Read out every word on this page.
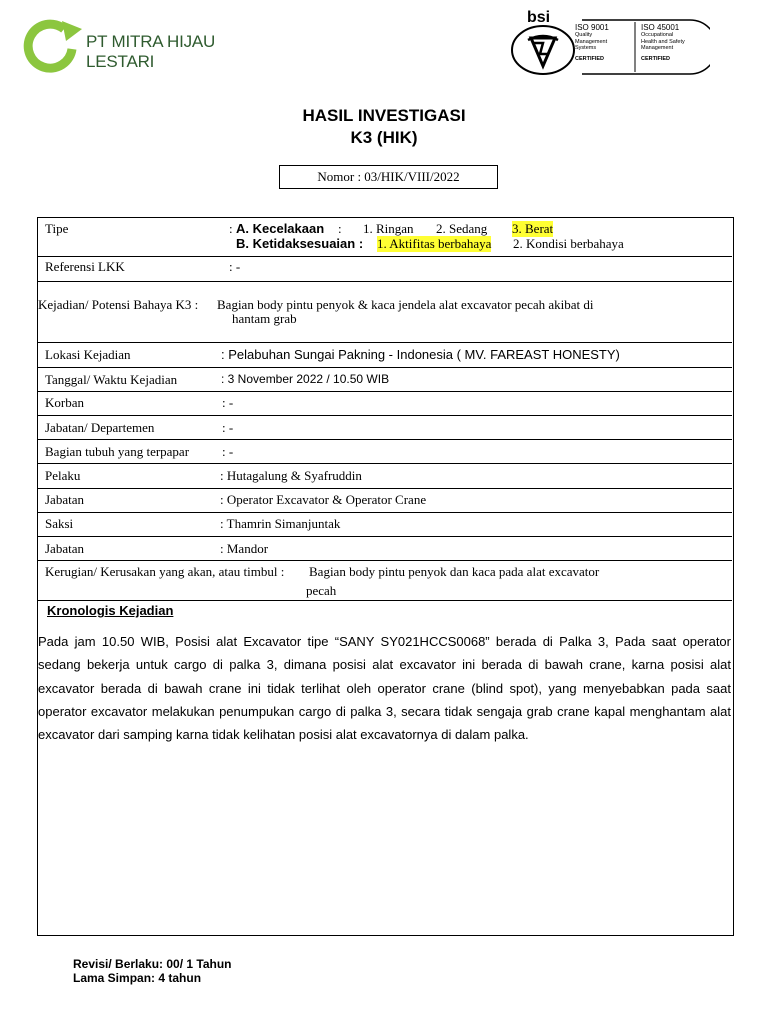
PT MITRA HIJAU LESTARI
bsi
ISO 9001
Quality
Management
Systems
CERTIFIED
ISO 45001
Occupational
Health and Safety
Management
CERTIFIED
HASIL INVESTIGASI
K3 (HIK)
Nomor : 03/HIK/VIII/2022
Tipe	: A. Kecelakaan : 1. Ringan 2. Sedang 3. Berat
B. Ketidaksesuaian : 1. Aktifitas berbahaya 2. Kondisi berbahaya
Referensi LKK	: -
Kejadian/ Potensi Bahaya K3 : Bagian body pintu penyok & kaca jendela alat excavator pecah akibat di
hantam grab
Lokasi Kejadian	: Pelabuhan Sungai Pakning - Indonesia ( MV. FAREAST HONESTY)
Tanggal/ Waktu Kejadian	: 3 November 2022 / 10.50 WIB
Korban	: -
Jabatan/ Departemen	: -
Bagian tubuh yang terpapar	: -
Pelaku	: Hutagalung & Syafruddin
Jabatan	: Operator Excavator & Operator Crane
Saksi	: Thamrin Simanjuntak
Jabatan	: Mandor
Kerugian/ Kerusakan yang akan, atau timbul : Bagian body pintu penyok dan kaca pada alat excavator
pecah
Kronologis Kejadian
Pada jam 10.50 WIB, Posisi alat Excavator tipe “SANY SY021HCCS0068” berada di Palka 3, Pada saat operator sedang bekerja untuk cargo di palka 3, dimana posisi alat excavator ini berada di bawah crane, karna posisi alat excavator berada di bawah crane ini tidak terlihat oleh operator crane (blind spot), yang menyebabkan pada saat operator excavator melakukan penumpukan cargo di palka 3, secara tidak sengaja grab crane kapal menghantam alat excavator dari samping karna tidak kelihatan posisi alat excavatornya di dalam palka.
Revisi/ Berlaku: 00/ 1 Tahun
Lama Simpan: 4 tahun
